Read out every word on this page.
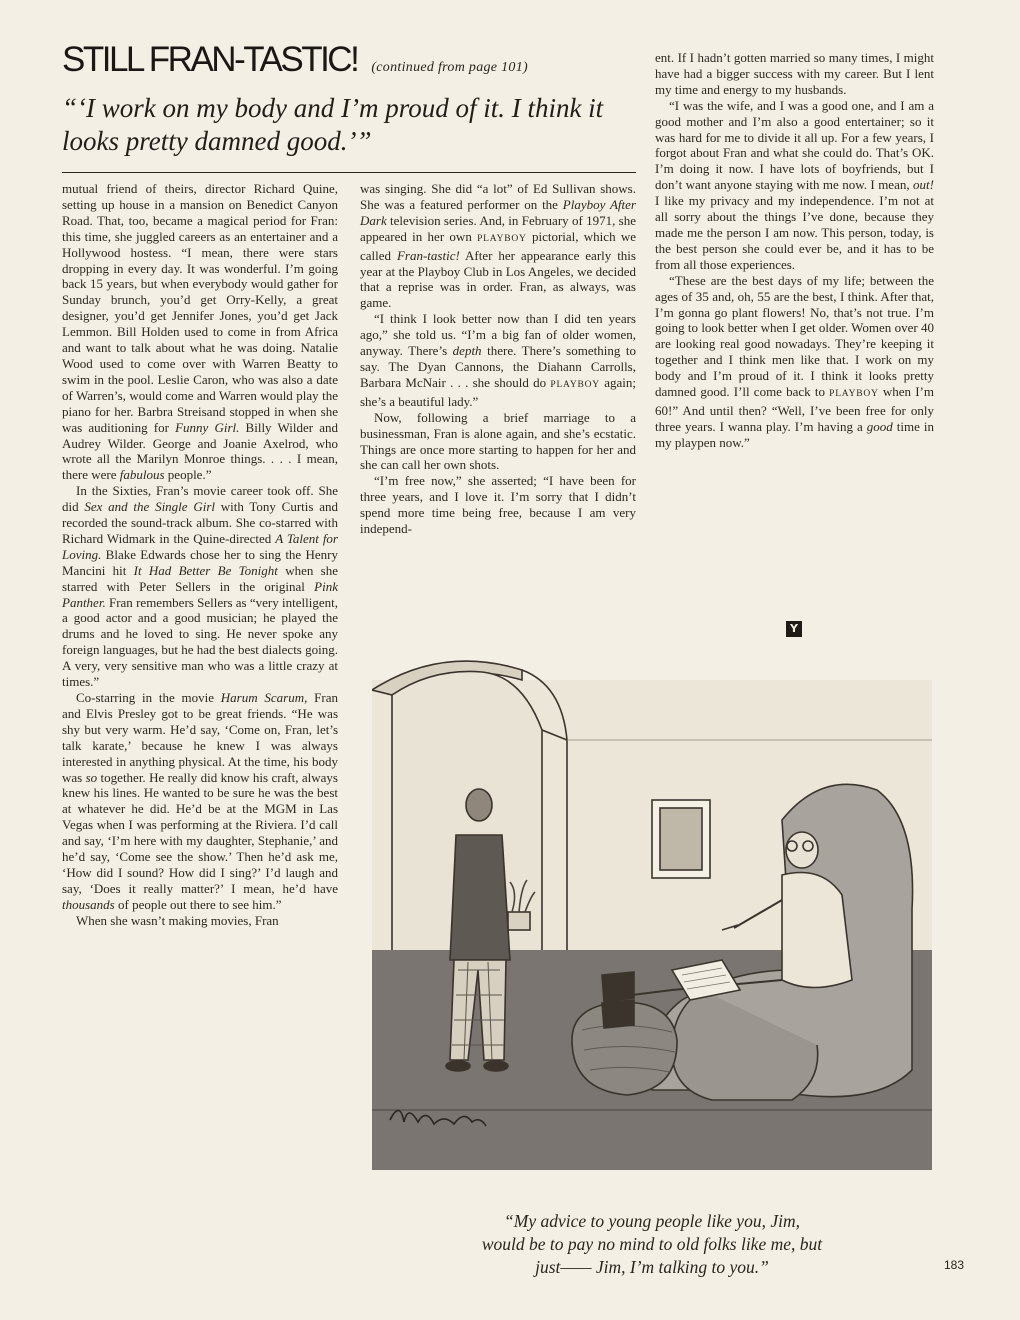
STILL FRAN-TASTIC! (continued from page 101)
“‘I work on my body and I’m proud of it. I think it looks pretty damned good.’”

mutual friend of theirs, director Richard Quine, setting up house in a mansion on Benedict Canyon Road. That, too, became a magical period for Fran: this time, she juggled careers as an entertainer and a Hollywood hostess. “I mean, there were stars dropping in every day. It was wonderful. I’m going back 15 years, but when everybody would gather for Sunday brunch, you’d get Orry-Kelly, a great designer, you’d get Jennifer Jones, you’d get Jack Lemmon. Bill Holden used to come in from Africa and want to talk about what he was doing. Natalie Wood used to come over with Warren Beatty to swim in the pool. Leslie Caron, who was also a date of Warren’s, would come and Warren would play the piano for her. Barbra Streisand stopped in when she was auditioning for Funny Girl. Billy Wilder and Audrey Wilder. George and Joanie Axelrod, who wrote all the Marilyn Monroe things. . . . I mean, there were fabulous people.”

In the Sixties, Fran’s movie career took off. She did Sex and the Single Girl with Tony Curtis and recorded the sound-track album. She co-starred with Richard Widmark in the Quine-directed A Talent for Loving. Blake Edwards chose her to sing the Henry Mancini hit It Had Better Be Tonight when she starred with Peter Sellers in the original Pink Panther. Fran remembers Sellers as “very intelligent, a good actor and a good musician; he played the drums and he loved to sing. He never spoke any foreign languages, but he had the best dialects going. A very, very sensitive man who was a little crazy at times.”

Co-starring in the movie Harum Scarum, Fran and Elvis Presley got to be great friends. “He was shy but very warm. He’d say, ‘Come on, Fran, let’s talk karate,’ because he knew I was always interested in anything physical. At the time, his body was so together. He really did know his craft, always knew his lines. He wanted to be sure he was the best at whatever he did. He’d be at the MGM in Las Vegas when I was performing at the Riviera. I’d call and say, ‘I’m here with my daughter, Stephanie,’ and he’d say, ‘Come see the show.’ Then he’d ask me, ‘How did I sound? How did I sing?’ I’d laugh and say, ‘Does it really matter?’ I mean, he’d have thousands of people out there to see him.”

When she wasn’t making movies, Fran

was singing. She did “a lot” of Ed Sullivan shows. She was a featured performer on the Playboy After Dark television series. And, in February of 1971, she appeared in her own PLAYBOY pictorial, which we called Fran-tastic! After her appearance early this year at the Playboy Club in Los Angeles, we decided that a reprise was in order. Fran, as always, was game.

“I think I look better now than I did ten years ago,” she told us. “I’m a big fan of older women, anyway. There’s depth there. There’s something to say. The Dyan Cannons, the Diahann Carrolls, Barbara McNair . . . she should do PLAYBOY again; she’s a beautiful lady.”

Now, following a brief marriage to a businessman, Fran is alone again, and she’s ecstatic. Things are once more starting to happen for her and she can call her own shots.

“I’m free now,” she asserted; “I have been for three years, and I love it. I’m sorry that I didn’t spend more time being free, because I am very independ-

ent. If I hadn’t gotten married so many times, I might have had a bigger success with my career. But I lent my time and energy to my husbands.

“I was the wife, and I was a good one, and I am a good mother and I’m also a good entertainer; so it was hard for me to divide it all up. For a few years, I forgot about Fran and what she could do. That’s OK. I’m doing it now. I have lots of boyfriends, but I don’t want anyone staying with me now. I mean, out! I like my privacy and my independence. I’m not at all sorry about the things I’ve done, because they made me the person I am now. This person, today, is the best person she could ever be, and it has to be from all those experiences.

“These are the best days of my life; between the ages of 35 and, oh, 55 are the best, I think. After that, I’m gonna go plant flowers! No, that’s not true. I’m going to look better when I get older. Women over 40 are looking real good nowadays. They’re keeping it together and I think men like that. I work on my body and I’m proud of it. I think it looks pretty damned good. I’ll come back to PLAYBOY when I’m 60!” And until then? “Well, I’ve been free for only three years. I wanna play. I’m having a good time in my playpen now.”

Y
“My advice to young people like you, Jim,
would be to pay no mind to old folks like me, but
just—— Jim, I’m talking to you.”	183
